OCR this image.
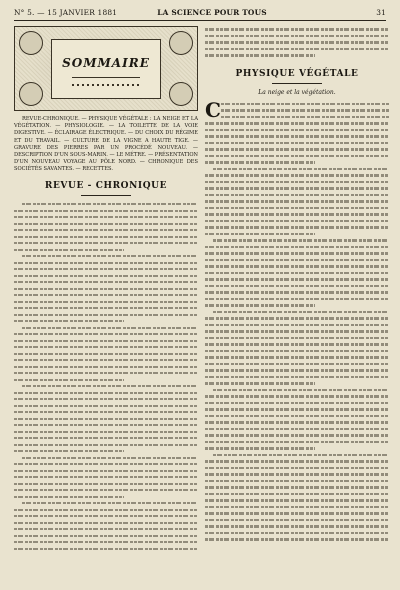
N° 5. — 15 JANVIER 1881	LA SCIENCE POUR TOUS	31
SOMMAIRE
REVUE-CHRONIQUE. — PHYSIQUE VÉGÉTALE : LA NEIGE ET LA VÉGÉTATION. — PHYSIOLOGIE. — LA TOILETTE DE LA VOIE DIGESTIVE. — ÉCLAIRAGE ÉLECTRIQUE. — DU CHOIX DU RÉGIME ET DU TRAVAIL. — CULTURE DE LA VIGNE A HAUTE TIGE. — GRAVURE DES PIERRES PAR UN PROCÉDÉ NOUVEAU. — DESCRIPTION D'UN SOUS-MARIN. — LE MÉTRE. — PRÉSENTATION D'UN NOUVEAU VOYAGE AU PÔLE NORD. — CHRONIQUE DES SOCIÉTÉS SAVANTES. — RECETTES.
REVUE - CHRONIQUE
PHYSIQUE VÉGÉTALE
La neige et la végétation.
C
